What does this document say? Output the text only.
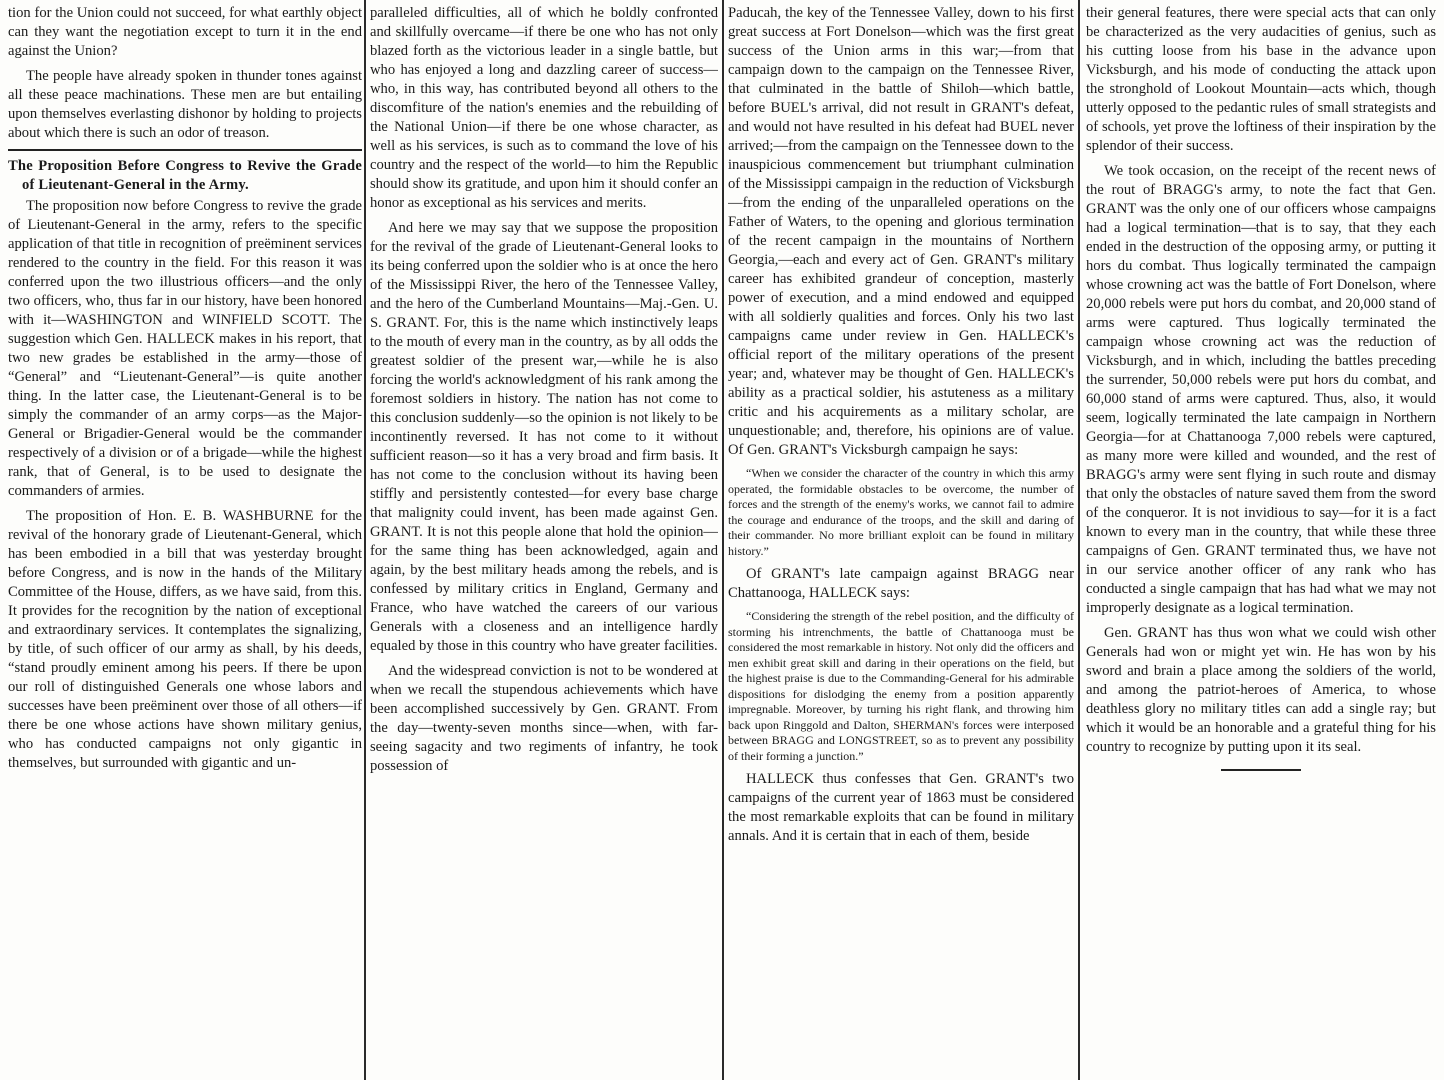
tion for the Union could not succeed, for what earthly object can they want the negotiation except to turn it in the end against the Union?

The people have already spoken in thunder tones against all these peace machinations. These men are but entailing upon themselves everlasting dishonor by holding to projects about which there is such an odor of treason.

The Proposition Before Congress to Revive the Grade of Lieutenant-General in the Army.

The proposition now before Congress to revive the grade of Lieutenant-General in the army, refers to the specific application of that title in recognition of preëminent services rendered to the country in the field. For this reason it was conferred upon the two illustrious officers—and the only two officers, who, thus far in our history, have been honored with it—WASHINGTON and WINFIELD SCOTT. The suggestion which Gen. HALLECK makes in his report, that two new grades be established in the army—those of “General” and “Lieutenant-General”—is quite another thing. In the latter case, the Lieutenant-General is to be simply the commander of an army corps—as the Major-General or Brigadier-General would be the commander respectively of a division or of a brigade—while the highest rank, that of General, is to be used to designate the commanders of armies.

The proposition of Hon. E. B. WASHBURNE for the revival of the honorary grade of Lieutenant-General, which has been embodied in a bill that was yesterday brought before Congress, and is now in the hands of the Military Committee of the House, differs, as we have said, from this. It provides for the recognition by the nation of exceptional and extraordinary services. It contemplates the signalizing, by title, of such officer of our army as shall, by his deeds, “stand proudly eminent among his peers. If there be upon our roll of distinguished Generals one whose labors and successes have been preëminent over those of all others—if there be one whose actions have shown military genius, who has conducted campaigns not only gigantic in themselves, but surrounded with gigantic and un-

paralleled difficulties, all of which he boldly confronted and skillfully overcame—if there be one who has not only blazed forth as the victorious leader in a single battle, but who has enjoyed a long and dazzling career of success—who, in this way, has contributed beyond all others to the discomfiture of the nation's enemies and the rebuilding of the National Union—if there be one whose character, as well as his services, is such as to command the love of his country and the respect of the world—to him the Republic should show its gratitude, and upon him it should confer an honor as exceptional as his services and merits.

And here we may say that we suppose the proposition for the revival of the grade of Lieutenant-General looks to its being conferred upon the soldier who is at once the hero of the Mississippi River, the hero of the Tennessee Valley, and the hero of the Cumberland Mountains—Maj.-Gen. U. S. GRANT. For, this is the name which instinctively leaps to the mouth of every man in the country, as by all odds the greatest soldier of the present war,—while he is also forcing the world's acknowledgment of his rank among the foremost soldiers in history. The nation has not come to this conclusion suddenly—so the opinion is not likely to be incontinently reversed. It has not come to it without sufficient reason—so it has a very broad and firm basis. It has not come to the conclusion without its having been stiffly and persistently contested—for every base charge that malignity could invent, has been made against Gen. GRANT. It is not this people alone that hold the opinion—for the same thing has been acknowledged, again and again, by the best military heads among the rebels, and is confessed by military critics in England, Germany and France, who have watched the careers of our various Generals with a closeness and an intelligence hardly equaled by those in this country who have greater facilities.

And the widespread conviction is not to be wondered at when we recall the stupendous achievements which have been accomplished successively by Gen. GRANT. From the day—twenty-seven months since—when, with far-seeing sagacity and two regiments of infantry, he took possession of

Paducah, the key of the Tennessee Valley, down to his first great success at Fort Donelson—which was the first great success of the Union arms in this war;—from that campaign down to the campaign on the Tennessee River, that culminated in the battle of Shiloh—which battle, before BUEL's arrival, did not result in GRANT's defeat, and would not have resulted in his defeat had BUEL never arrived;—from the campaign on the Tennessee down to the inauspicious commencement but triumphant culmination of the Mississippi campaign in the reduction of Vicksburgh—from the ending of the unparalleled operations on the Father of Waters, to the opening and glorious termination of the recent campaign in the mountains of Northern Georgia,—each and every act of Gen. GRANT's military career has exhibited grandeur of conception, masterly power of execution, and a mind endowed and equipped with all soldierly qualities and forces. Only his two last campaigns came under review in Gen. HALLECK's official report of the military operations of the present year; and, whatever may be thought of Gen. HALLECK's ability as a practical soldier, his astuteness as a military critic and his acquirements as a military scholar, are unquestionable; and, therefore, his opinions are of value. Of Gen. GRANT's Vicksburgh campaign he says:

“When we consider the character of the country in which this army operated, the formidable obstacles to be overcome, the number of forces and the strength of the enemy's works, we cannot fail to admire the courage and endurance of the troops, and the skill and daring of their commander. No more brilliant exploit can be found in military history.”

Of GRANT's late campaign against BRAGG near Chattanooga, HALLECK says:

“Considering the strength of the rebel position, and the difficulty of storming his intrenchments, the battle of Chattanooga must be considered the most remarkable in history. Not only did the officers and men exhibit great skill and daring in their operations on the field, but the highest praise is due to the Commanding-General for his admirable dispositions for dislodging the enemy from a position apparently impregnable. Moreover, by turning his right flank, and throwing him back upon Ringgold and Dalton, SHERMAN's forces were interposed between BRAGG and LONGSTREET, so as to prevent any possibility of their forming a junction.”

HALLECK thus confesses that Gen. GRANT's two campaigns of the current year of 1863 must be considered the most remarkable exploits that can be found in military annals. And it is certain that in each of them, beside

their general features, there were special acts that can only be characterized as the very audacities of genius, such as his cutting loose from his base in the advance upon Vicksburgh, and his mode of conducting the attack upon the stronghold of Lookout Mountain—acts which, though utterly opposed to the pedantic rules of small strategists and of schools, yet prove the loftiness of their inspiration by the splendor of their success.

We took occasion, on the receipt of the recent news of the rout of BRAGG's army, to note the fact that Gen. GRANT was the only one of our officers whose campaigns had a logical termination—that is to say, that they each ended in the destruction of the opposing army, or putting it hors du combat. Thus logically terminated the campaign whose crowning act was the battle of Fort Donelson, where 20,000 rebels were put hors du combat, and 20,000 stand of arms were captured. Thus logically terminated the campaign whose crowning act was the reduction of Vicksburgh, and in which, including the battles preceding the surrender, 50,000 rebels were put hors du combat, and 60,000 stand of arms were captured. Thus, also, it would seem, logically terminated the late campaign in Northern Georgia—for at Chattanooga 7,000 rebels were captured, as many more were killed and wounded, and the rest of BRAGG's army were sent flying in such route and dismay that only the obstacles of nature saved them from the sword of the conqueror. It is not invidious to say—for it is a fact known to every man in the country, that while these three campaigns of Gen. GRANT terminated thus, we have not in our service another officer of any rank who has conducted a single campaign that has had what we may not improperly designate as a logical termination.

Gen. GRANT has thus won what we could wish other Generals had won or might yet win. He has won by his sword and brain a place among the soldiers of the world, and among the patriot-heroes of America, to whose deathless glory no military titles can add a single ray; but which it would be an honorable and a grateful thing for his country to recognize by putting upon it its seal.
